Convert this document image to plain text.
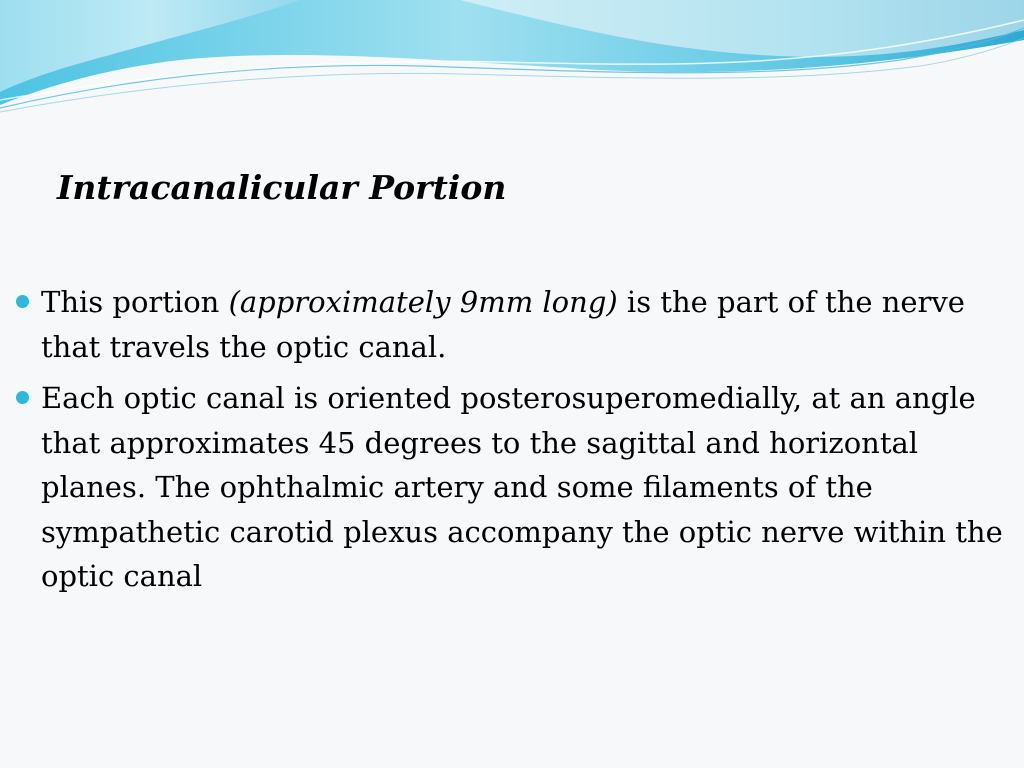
Intracanalicular Portion
This portion (approximately 9mm long) is the part of the nerve that travels the optic canal.
Each optic canal is oriented posterosuperomedially, at an angle that approximates 45 degrees to the sagittal and horizontal planes. The ophthalmic artery and some filaments of the sympathetic carotid plexus accompany the optic nerve within the optic canal
